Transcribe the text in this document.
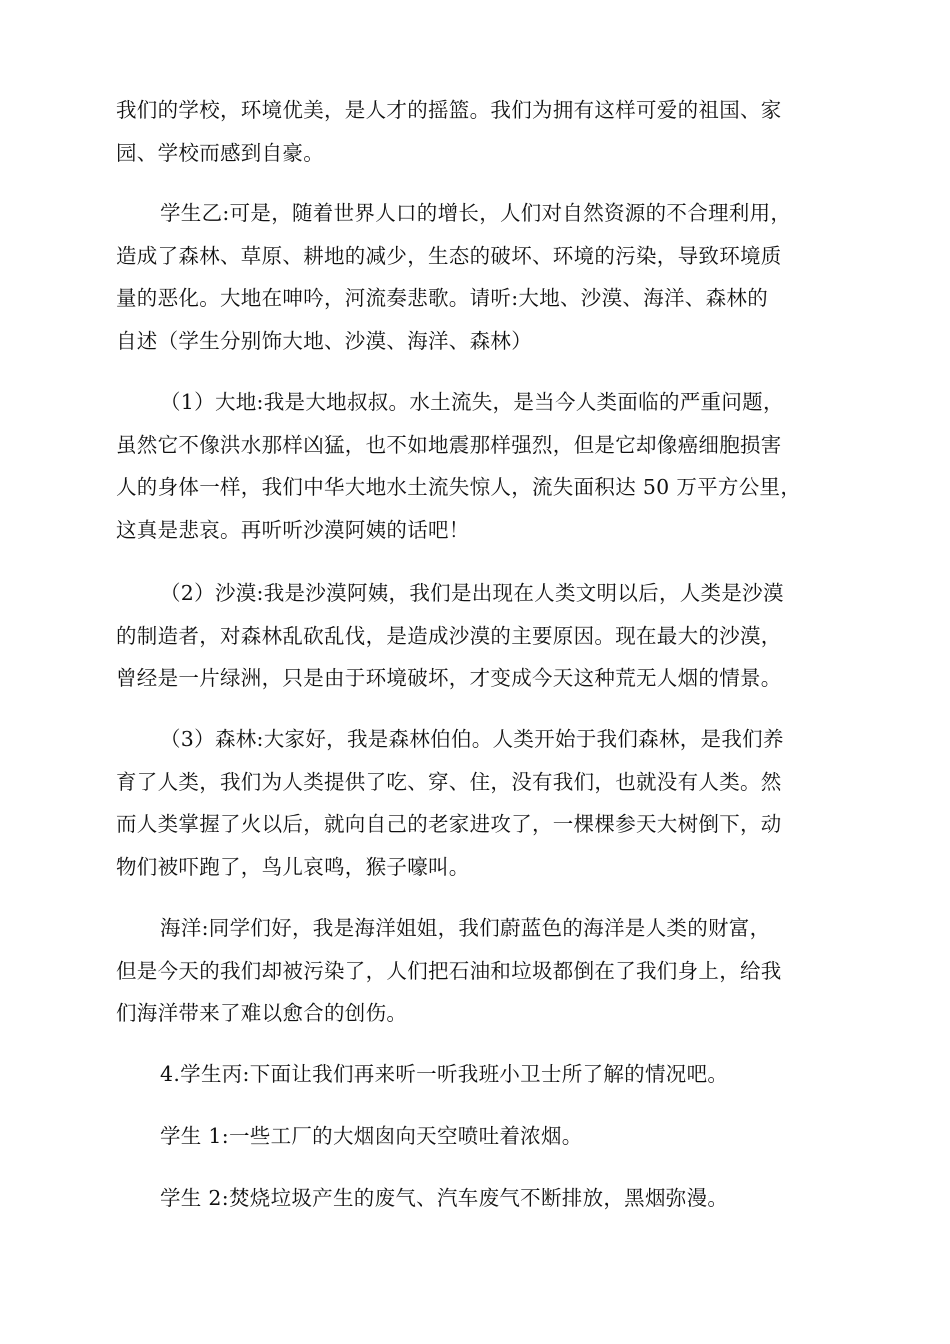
我们的学校，环境优美，是人才的摇篮。我们为拥有这样可爱的祖国、家
园、学校而感到自豪。

学生乙:可是，随着世界人口的增长，人们对自然资源的不合理利用，
造成了森林、草原、耕地的减少，生态的破坏、环境的污染，导致环境质
量的恶化。大地在呻吟，河流奏悲歌。请听:大地、沙漠、海洋、森林的
自述（学生分别饰大地、沙漠、海洋、森林）

（1）大地:我是大地叔叔。水土流失，是当今人类面临的严重问题，
虽然它不像洪水那样凶猛，也不如地震那样强烈，但是它却像癌细胞损害
人的身体一样，我们中华大地水土流失惊人，流失面积达 50 万平方公里，
这真是悲哀。再听听沙漠阿姨的话吧！

（2）沙漠:我是沙漠阿姨，我们是出现在人类文明以后，人类是沙漠
的制造者，对森林乱砍乱伐，是造成沙漠的主要原因。现在最大的沙漠，
曾经是一片绿洲，只是由于环境破坏，才变成今天这种荒无人烟的情景。

（3）森林:大家好，我是森林伯伯。人类开始于我们森林，是我们养
育了人类，我们为人类提供了吃、穿、住，没有我们，也就没有人类。然
而人类掌握了火以后，就向自己的老家进攻了，一棵棵参天大树倒下，动
物们被吓跑了，鸟儿哀鸣，猴子嚎叫。

海洋:同学们好，我是海洋姐姐，我们蔚蓝色的海洋是人类的财富，
但是今天的我们却被污染了，人们把石油和垃圾都倒在了我们身上，给我
们海洋带来了难以愈合的创伤。

4.学生丙:下面让我们再来听一听我班小卫士所了解的情况吧。

学生 1:一些工厂的大烟囱向天空喷吐着浓烟。

学生 2:焚烧垃圾产生的废气、汽车废气不断排放，黑烟弥漫。
